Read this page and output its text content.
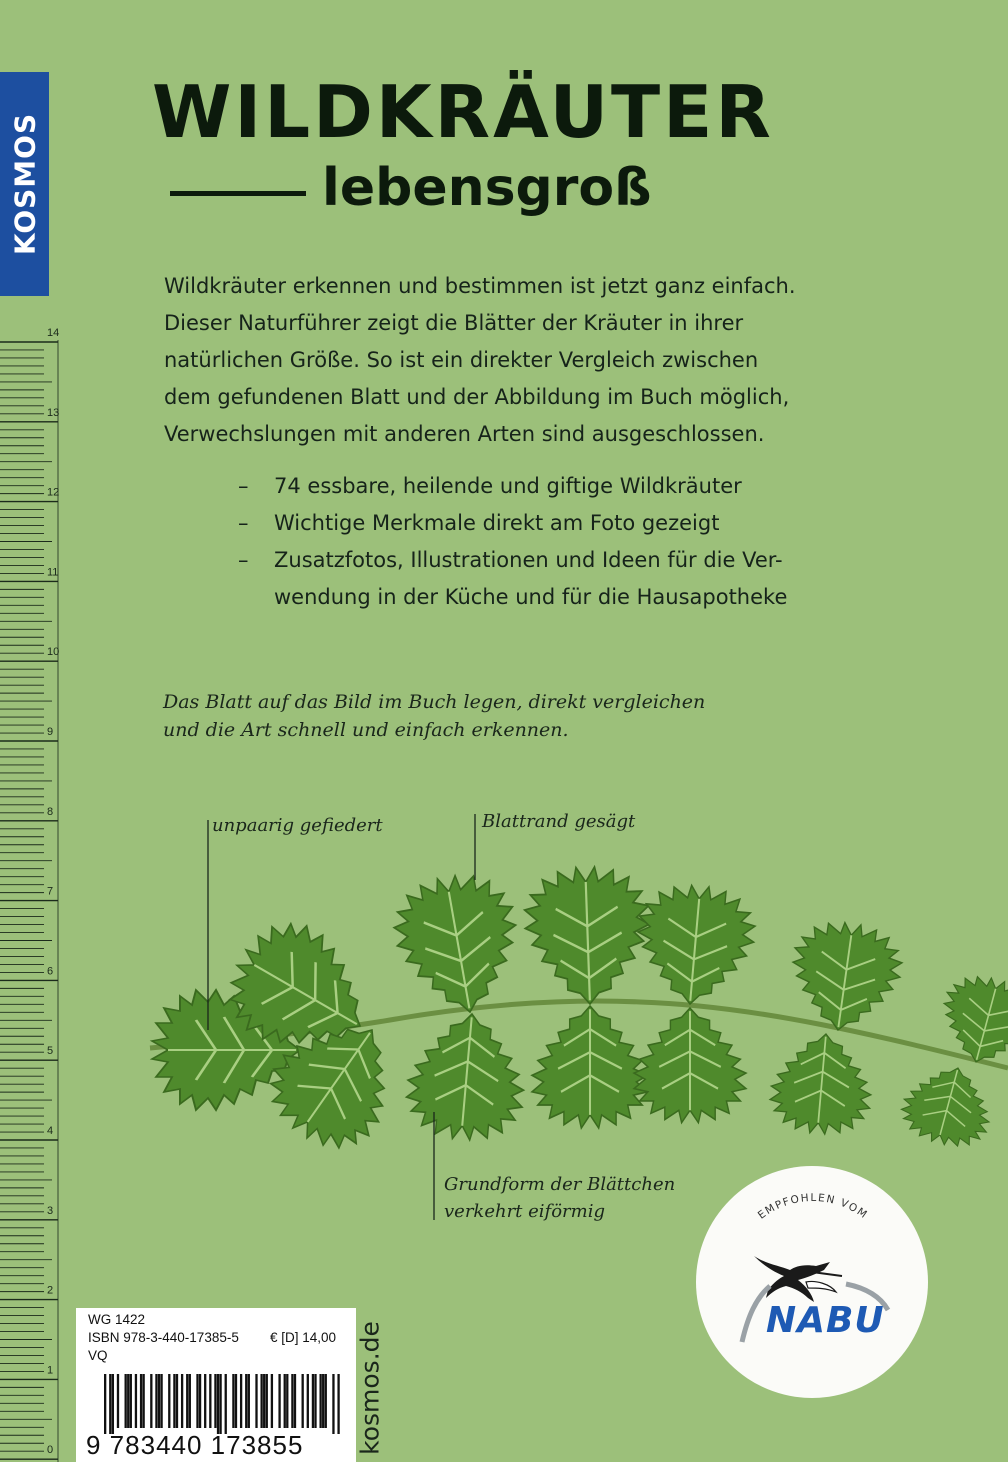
KOSMOS
14
13
12
11
10
9
8
7
6
5
4
3
2
1
0
WILDKRÄUTER
lebensgroß

Wildkräuter erkennen und bestimmen ist jetzt ganz einfach.

Dieser Naturführer zeigt die Blätter der Kräuter in ihrer

natürlichen Größe. So ist ein direkter Vergleich zwischen

dem gefundenen Blatt und der Abbildung im Buch möglich,

Verwechslungen mit anderen Arten sind ausgeschlossen.

–	74 essbare, heilende und giftige Wildkräuter
–	Wichtige Merkmale direkt am Foto gezeigt
–	Zusatzfotos, Illustrationen und Ideen für die Ver-
wendung in der Küche und für die Hausapotheke
Das Blatt auf das Bild im Buch legen, direkt vergleichen
und die Art schnell und einfach erkennen.
unpaarig gefiedert	Blattrand gesägt
Grundform der Blättchen
verkehrt eiförmig	EMPFOHLEN VOM
NABU
WG 1422
ISBN 978-3-440-17385-5 € [D] 14,00
VQ
9 783440 173855 kosmos.de
